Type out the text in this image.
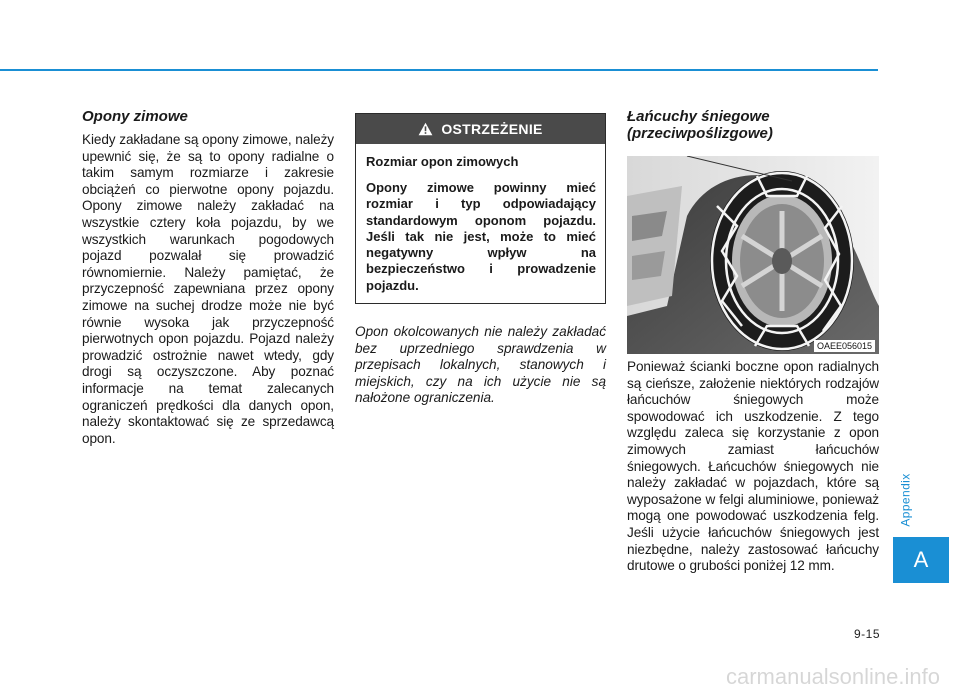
Opony zimowe

Kiedy zakładane są opony zimowe, należy upewnić się, że są to opony radialne o takim samym rozmiarze i zakresie obciążeń co pierwotne opony pojazdu. Opony zimowe należy zakładać na wszystkie cztery koła pojazdu, by we wszystkich warunkach pogodowych pojazd pozwalał się prowadzić równomiernie. Należy pamiętać, że przyczepność zapewniana przez opony zimowe na suchej drodze może nie być równie wysoka jak przyczepność pierwotnych opon pojazdu. Pojazd należy prowadzić ostrożnie nawet wtedy, gdy drogi są oczyszczone. Aby poznać informacje na temat zalecanych ograniczeń prędkości dla danych opon, należy skontaktować się ze sprzedawcą opon.

OSTRZEŻENIE

Rozmiar opon zimowych

Opony zimowe powinny mieć rozmiar i typ odpowiadający standardowym oponom pojazdu. Jeśli tak nie jest, może to mieć negatywny wpływ na bezpieczeństwo i prowadzenie pojazdu.

Opon okolcowanych nie należy zakładać bez uprzedniego sprawdzenia w przepisach lokalnych, stanowych i miejskich, czy na ich użycie nie są nałożone ograniczenia.

Łańcuchy śniegowe (przeciwpoślizgowe)
OAEE056015

Ponieważ ścianki boczne opon radialnych są cieńsze, założenie niektórych rodzajów łańcuchów śniegowych może spowodować ich uszkodzenie. Z tego względu zaleca się korzystanie z opon zimowych zamiast łańcuchów śniegowych. Łańcuchów śniegowych nie należy zakładać w pojazdach, które są wyposażone w felgi aluminiowe, ponieważ mogą one powodować uszkodzenia felg. Jeśli użycie łańcuchów śniegowych jest niezbędne, należy zastosować łańcuchy drutowe o grubości poniżej 12 mm.

Appendix
A
9-15
carmanualsonline.info
